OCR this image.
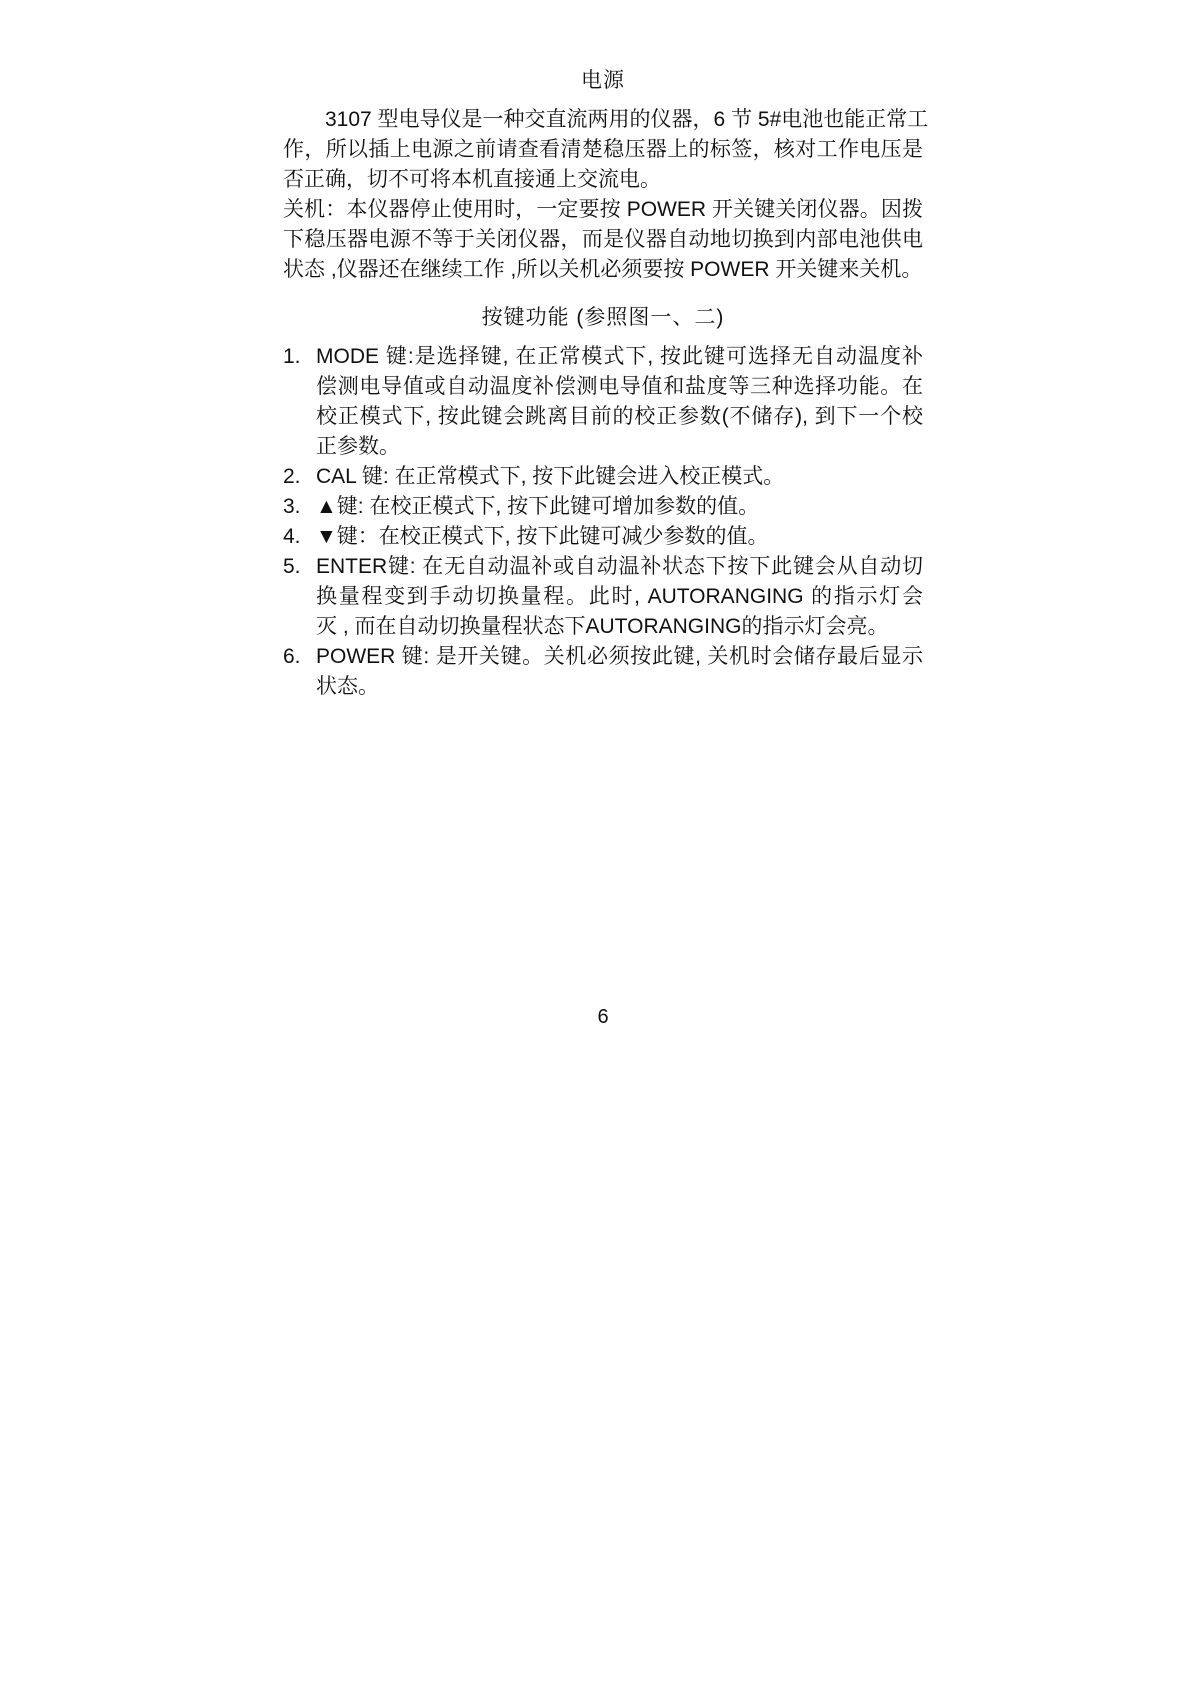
电源
　　3107 型电导仪是一种交直流两用的仪器，6 节 5#电池也能正常工
作，所以插上电源之前请查看清楚稳压器上的标签，核对工作电压是
否正确，切不可将本机直接通上交流电。
关机：本仪器停止使用时，一定要按 POWER 开关键关闭仪器。因拨
下稳压器电源不等于关闭仪器，而是仪器自动地切换到内部电池供电
状态 ,仪器还在继续工作 ,所以关机必须要按 POWER 开关键来关机。
按键功能 (参照图一、二)
1. MODE 键:是选择键, 在正常模式下, 按此键可选择无自动温度补
偿测电导值或自动温度补偿测电导值和盐度等三种选择功能。在
校正模式下, 按此键会跳离目前的校正参数(不储存), 到下一个校
正参数。
2. CAL 键: 在正常模式下, 按下此键会进入校正模式。
3. ▲键: 在校正模式下, 按下此键可增加参数的值。
4. ▼键：在校正模式下, 按下此键可减少参数的值。
5. ENTER键: 在无自动温补或自动温补状态下按下此键会从自动切
换量程变到手动切换量程。此时, AUTORANGING 的指示灯会
灭 , 而在自动切换量程状态下AUTORANGING的指示灯会亮。
6. POWER 键: 是开关键。关机必须按此键, 关机时会储存最后显示
状态。
6
